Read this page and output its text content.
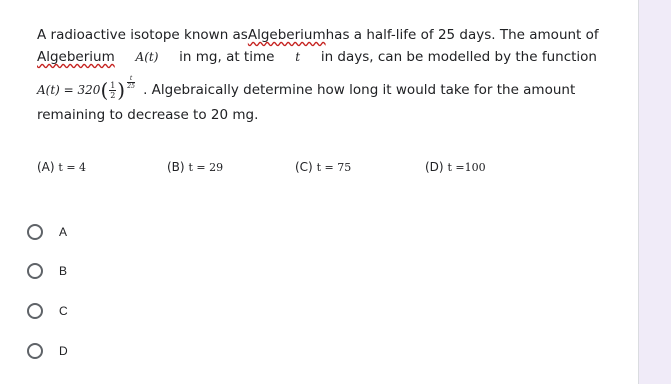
A radioactive isotope known as Algeberium has a half-life of 25 days. The amount of
Algeberium A(t) in mg, at time t in days, can be modelled by the function
A(t) = 320 ( $\frac{1}{2}$ ) t
25 . Algebraically determine how long it would take for the amount
remaining to decrease to 20 mg.
(A) t = 4	(B) t = 29	(C) t = 75	(D) t =100
A
B
C
D
